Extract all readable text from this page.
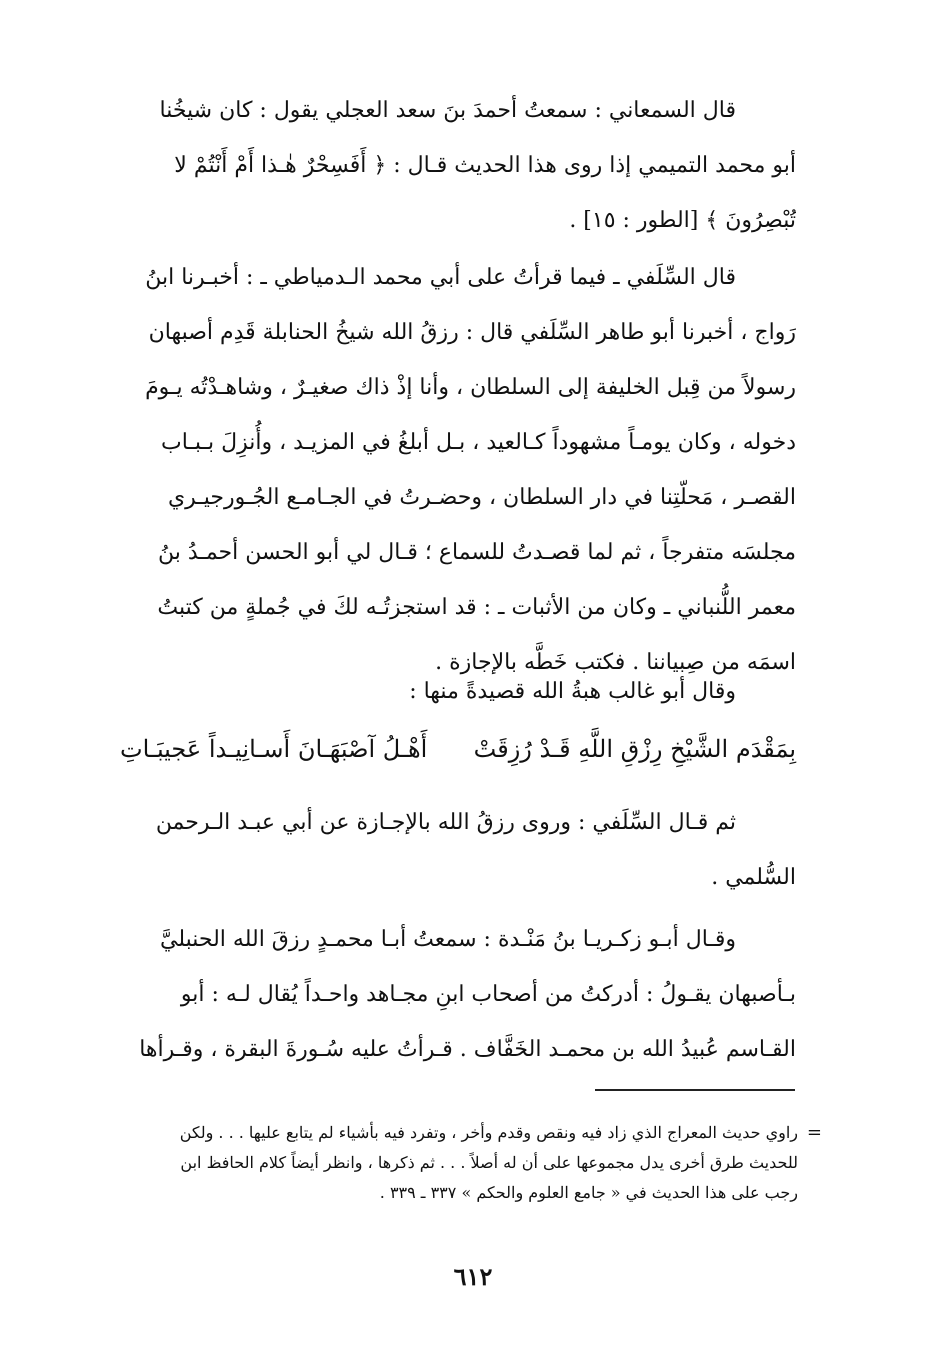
قال السمعاني : سمعتُ أحمدَ بنَ سعد العجلي يقول : كان شيخُنا
أبو محمد التميمي إذا روى هذا الحديث قـال : ﴿ أَفَسِحْرٌ هٰـذا أَمْ أَنْتُمْ لا
تُبْصِرُونَ ﴾ [الطور : ١٥] .
قال السِّلَفي ـ فيما قرأتُ على أبي محمد الـدمياطي ـ : أخبـرنا ابنُ
رَواج ، أخبرنا أبو طاهر السِّلَفي قال : رزقُ الله شيخُ الحنابلة قَدِم أصبهان
رسولاً من قِبل الخليفة إلى السلطان ، وأنا إذْ ذاك صغيـرٌ ، وشاهـدْتُه يـومَ
دخوله ، وكان يومـاً مشهوداً كـالعيد ، بـل أبلغُ في المزيـد ، وأُنزِلَ بـبـاب
القصـر ، مَحلّتِنا في دار السلطان ، وحضـرتُ في الجـامـع الجُـورجيـري
مجلسَه متفرجاً ، ثم لما قصـدتُ للسماع ؛ قـال لي أبو الحسن أحمـدُ بنُ
معمر اللُّنباني ـ وكان من الأثبات ـ : قد استجزتُـه لكَ في جُملةٍ من كتبتُ
اسمَه من صِبياننا . فكتب خَطَّه بالإجازة .
وقال أبو غالب هبةُ الله قصيدةً منها :
بِمَقْدَم الشَّيْخِ رِزْقِ اللَّهِ قَـدْ رُزِقَتْ
أَهْـلُ آصْبَهَـانَ أَسـانِيـداً عَجيبَـاتِ
ثم قـال السِّلَفي : وروى رزقُ الله بالإجـازة عن أبي عبـد الـرحمن
السُّلمي .
وقـال أبـو زكـريـا بنُ مَنْـدة : سمعتُ أبـا محمـدٍ رزقَ الله الحنبليَّ
بـأصبهان يقـولُ : أدركتُ من أصحاب ابنِ مجـاهد واحـداً يُقال لـه : أبو
القـاسم عُبيدُ الله بن محمـد الخَفَّاف . قـرأتُ عليه سُـورةَ البقرة ، وقـرأها
=
راوي حديث المعراج الذي زاد فيه ونقص وقدم وأخر ، وتفرد فيه بأشياء لم يتابع عليها . . . ولكن
للحديث طرق أخرى يدل مجموعها على أن له أصلاً . . . ثم ذكرها ، وانظر أيضاً كلام الحافظ ابن
رجب على هذا الحديث في « جامع العلوم والحكم » ٣٣٧ ـ ٣٣٩ .
٦١٢
